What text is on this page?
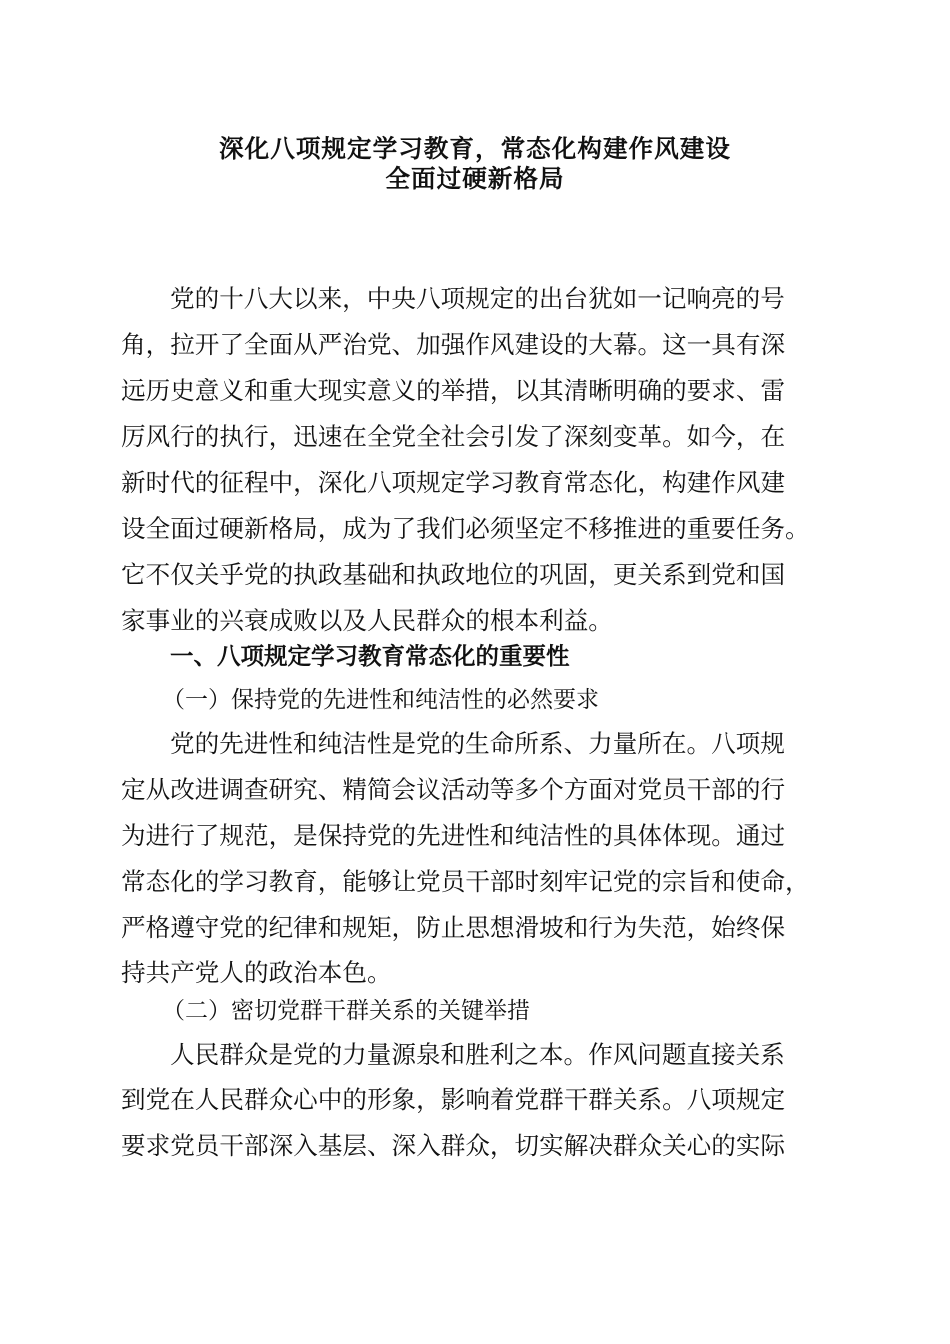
深化八项规定学习教育，常态化构建作风建设
全面过硬新格局
党的十八大以来，中央八项规定的出台犹如一记响亮的号
角，拉开了全面从严治党、加强作风建设的大幕。这一具有深
远历史意义和重大现实意义的举措，以其清晰明确的要求、雷
厉风行的执行，迅速在全党全社会引发了深刻变革。如今，在
新时代的征程中，深化八项规定学习教育常态化，构建作风建
设全面过硬新格局，成为了我们必须坚定不移推进的重要任务。
它不仅关乎党的执政基础和执政地位的巩固，更关系到党和国
家事业的兴衰成败以及人民群众的根本利益。
一、八项规定学习教育常态化的重要性
（一）保持党的先进性和纯洁性的必然要求
党的先进性和纯洁性是党的生命所系、力量所在。八项规
定从改进调查研究、精简会议活动等多个方面对党员干部的行
为进行了规范，是保持党的先进性和纯洁性的具体体现。通过
常态化的学习教育，能够让党员干部时刻牢记党的宗旨和使命，
严格遵守党的纪律和规矩，防止思想滑坡和行为失范，始终保
持共产党人的政治本色。
（二）密切党群干群关系的关键举措
人民群众是党的力量源泉和胜利之本。作风问题直接关系
到党在人民群众心中的形象，影响着党群干群关系。八项规定
要求党员干部深入基层、深入群众，切实解决群众关心的实际
